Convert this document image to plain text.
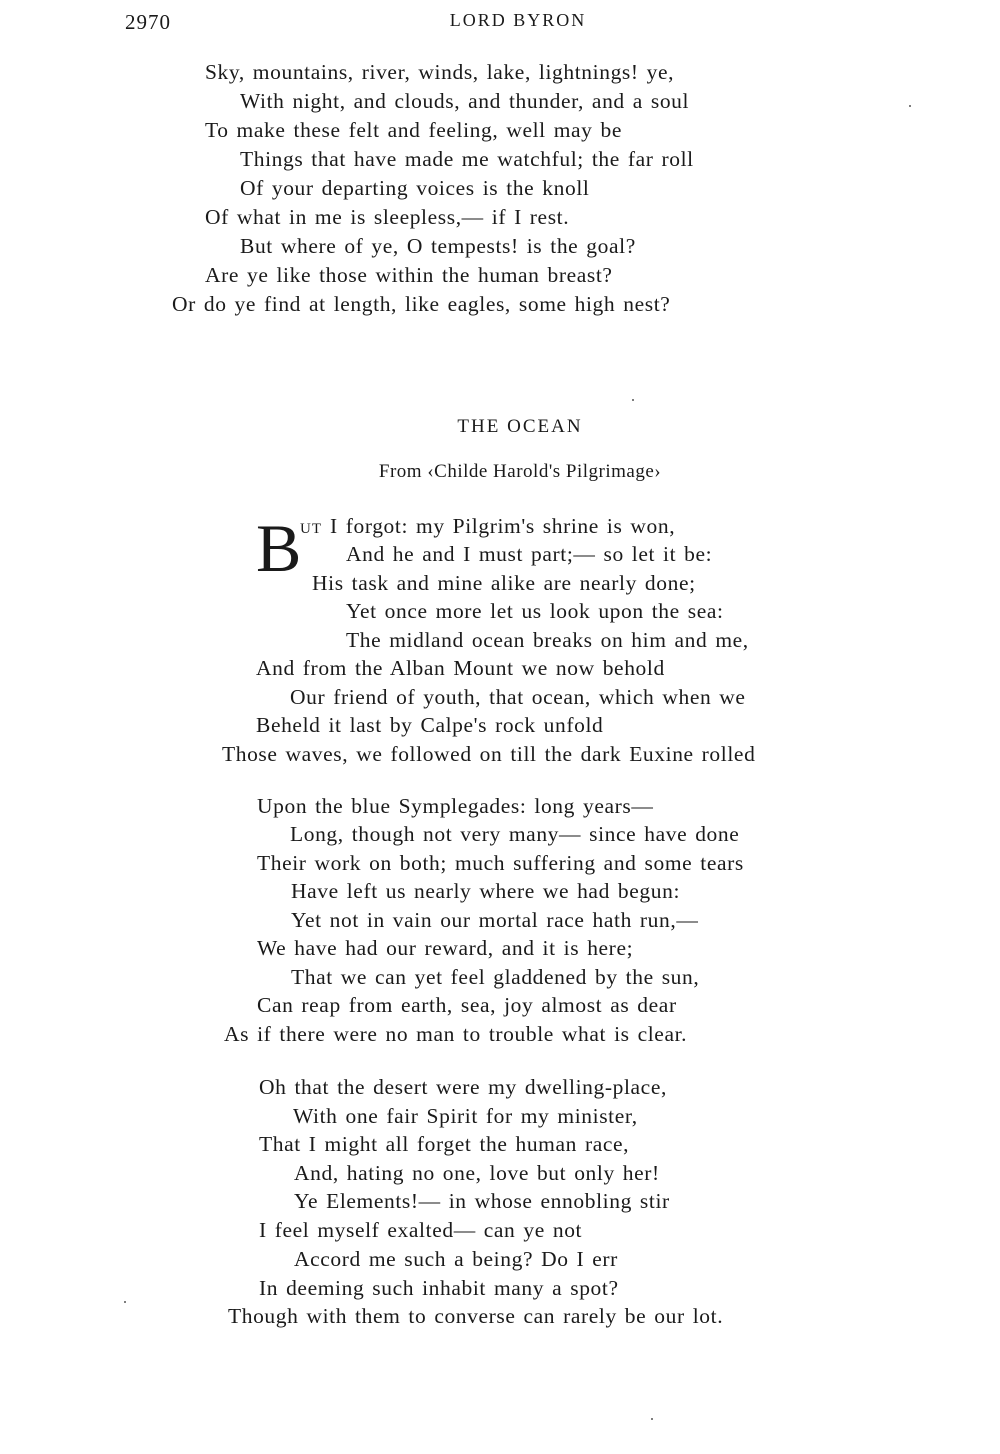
2970	LORD BYRON
Sky, mountains, river, winds, lake, lightnings! ye,
With night, and clouds, and thunder, and a soul
To make these felt and feeling, well may be
Things that have made me watchful; the far roll
Of your departing voices is the knoll
Of what in me is sleepless,— if I rest.
But where of ye, O tempests! is the goal?
Are ye like those within the human breast?
Or do ye find at length, like eagles, some high nest?
THE OCEAN
From ‹Childe Harold's Pilgrimage›
B
UT I forgot: my Pilgrim's shrine is won,
And he and I must part;— so let it be:
His task and mine alike are nearly done;
Yet once more let us look upon the sea:
The midland ocean breaks on him and me,
And from the Alban Mount we now behold
Our friend of youth, that ocean, which when we
Beheld it last by Calpe's rock unfold
Those waves, we followed on till the dark Euxine rolled
Upon the blue Symplegades: long years—
Long, though not very many— since have done
Their work on both; much suffering and some tears
Have left us nearly where we had begun:
Yet not in vain our mortal race hath run,—
We have had our reward, and it is here;
That we can yet feel gladdened by the sun,
Can reap from earth, sea, joy almost as dear
As if there were no man to trouble what is clear.
Oh that the desert were my dwelling-place,
With one fair Spirit for my minister,
That I might all forget the human race,
And, hating no one, love but only her!
Ye Elements!— in whose ennobling stir
I feel myself exalted— can ye not
Accord me such a being? Do I err
In deeming such inhabit many a spot?
Though with them to converse can rarely be our lot.
